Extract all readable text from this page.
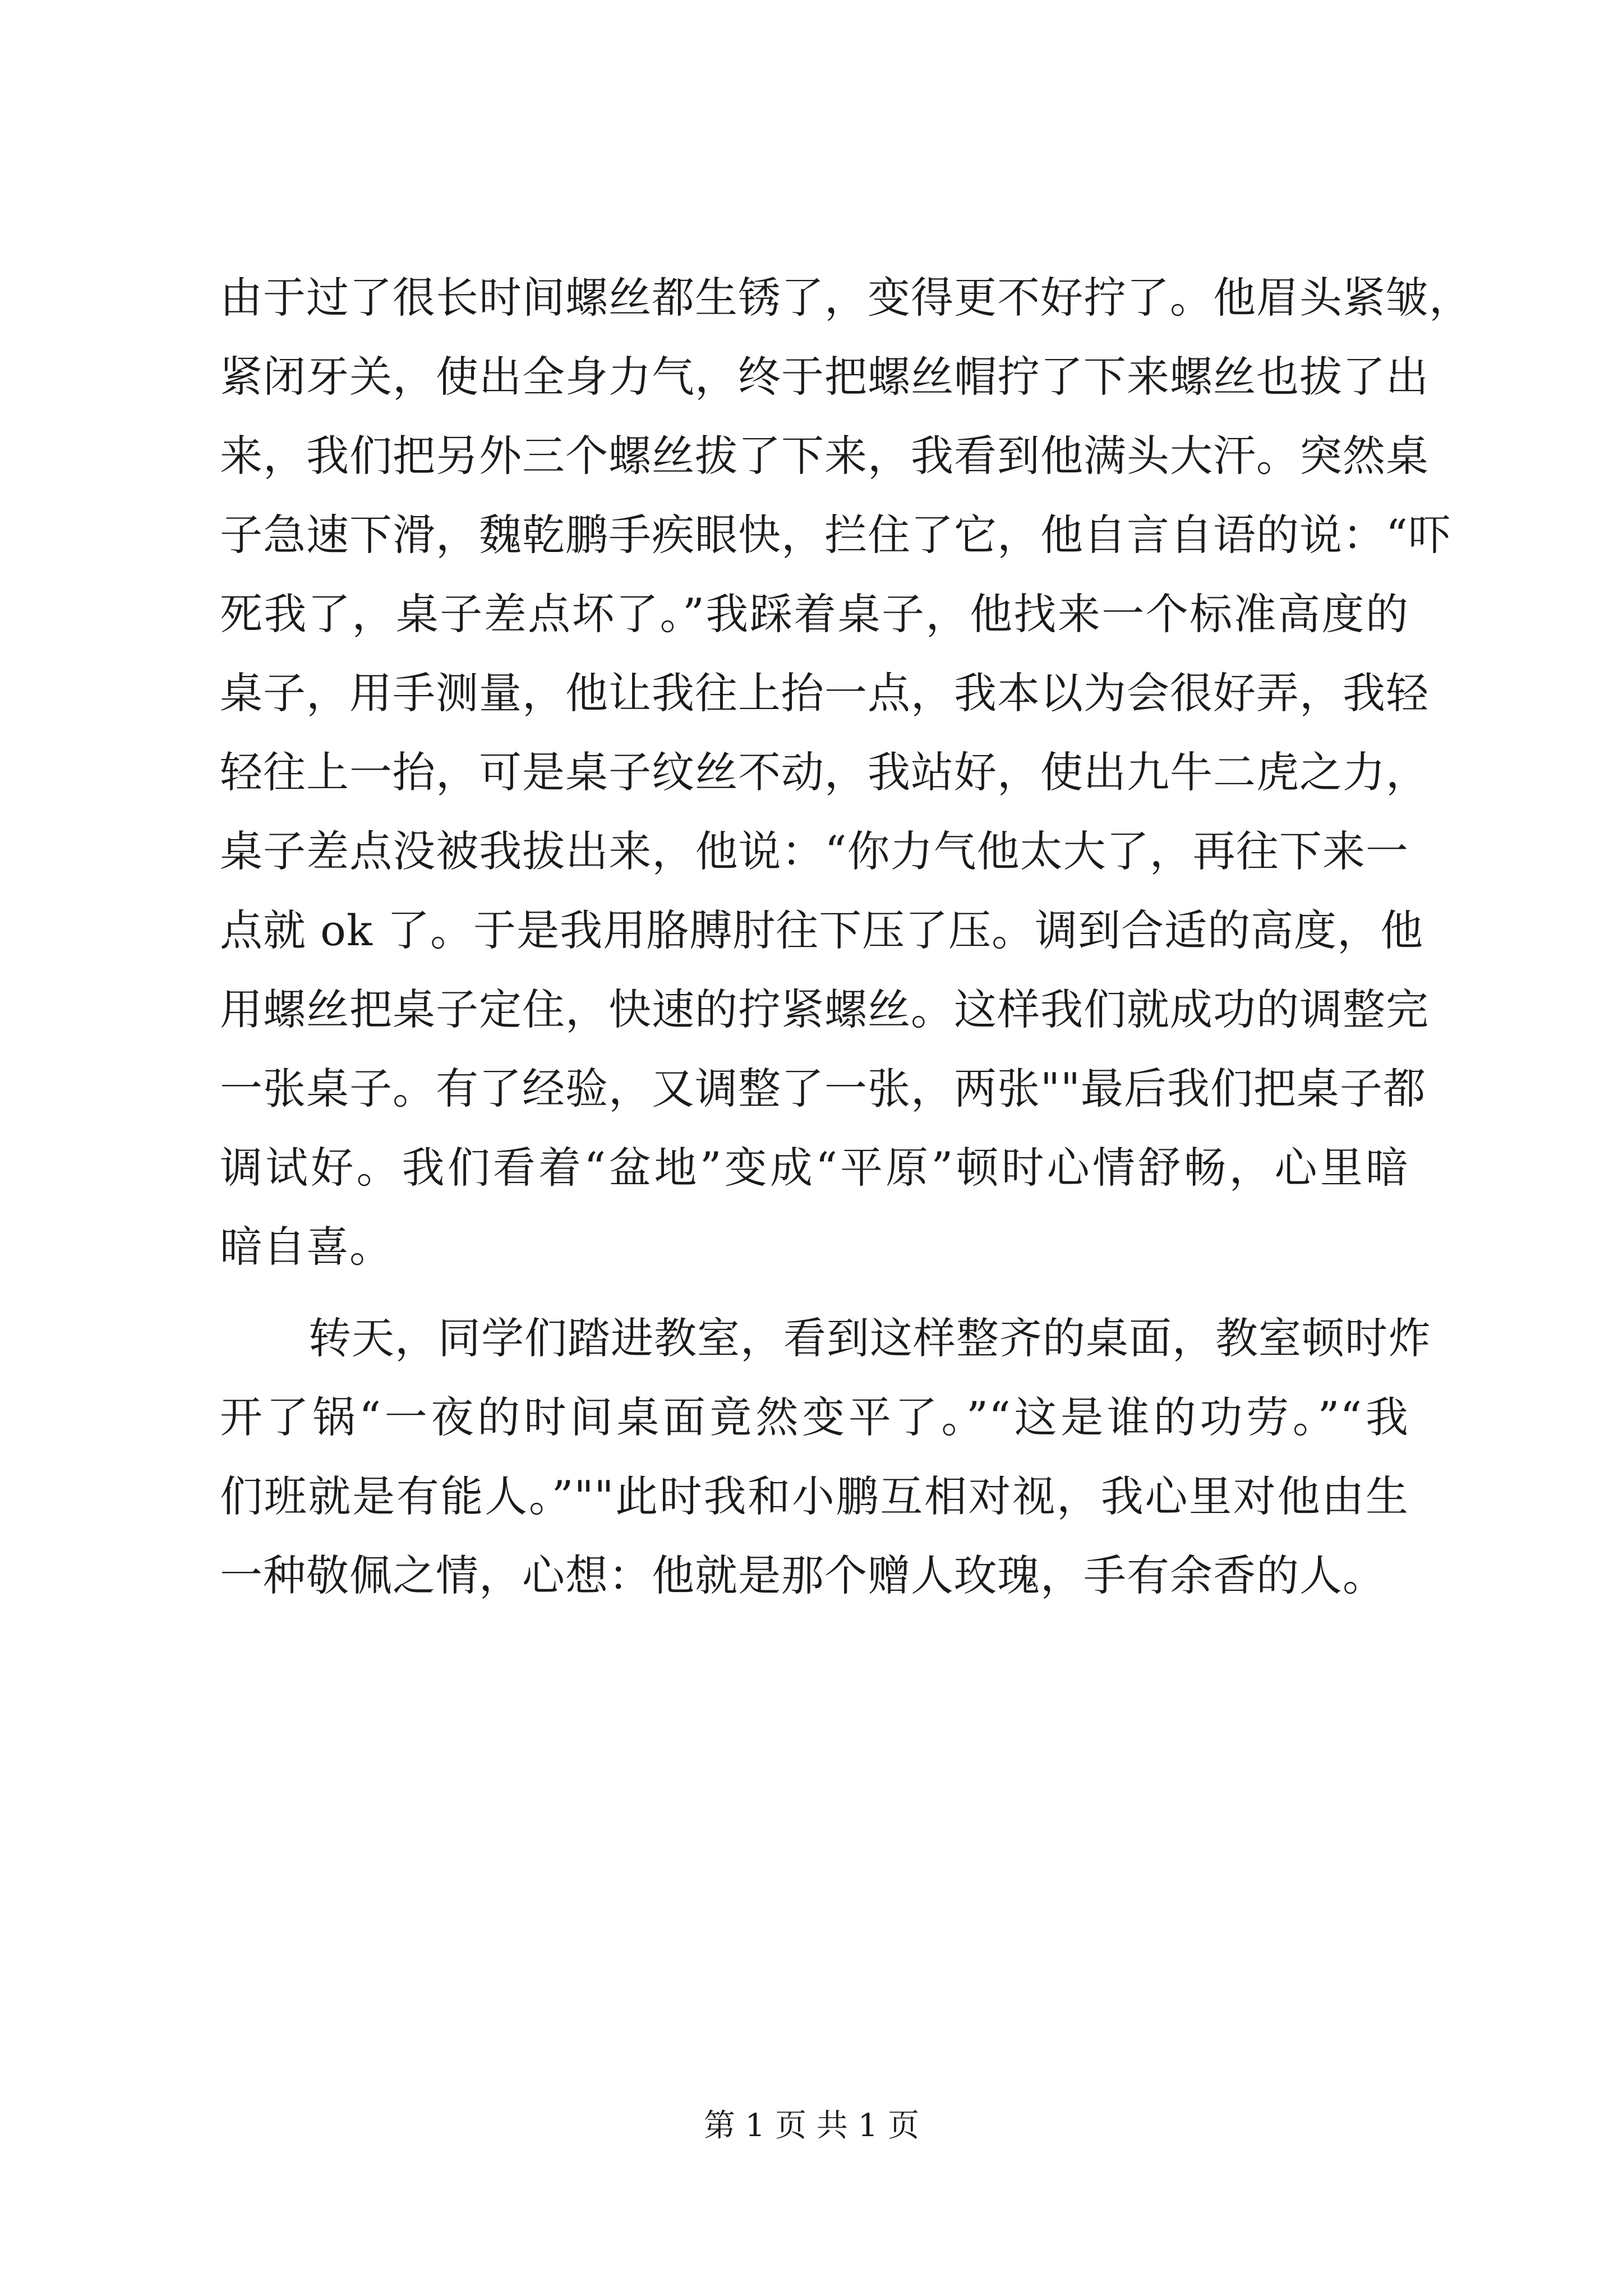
由于过了很长时间螺丝都生锈了，变得更不好拧了。他眉头紧皱，
紧闭牙关，使出全身力气，终于把螺丝帽拧了下来螺丝也拔了出
来，我们把另外三个螺丝拔了下来，我看到他满头大汗。突然桌
子急速下滑，魏乾鹏手疾眼快，拦住了它，他自言自语的说：“吓
死我了，桌子差点坏了。”我踩着桌子，他找来一个标准高度的
桌子，用手测量，他让我往上抬一点，我本以为会很好弄，我轻
轻往上一抬，可是桌子纹丝不动，我站好，使出九牛二虎之力，
桌子差点没被我拔出来，他说：“你力气他太大了，再往下来一
点就 ok 了。于是我用胳膊肘往下压了压。调到合适的高度，他
用螺丝把桌子定住，快速的拧紧螺丝。这样我们就成功的调整完
一张桌子。有了经验，又调整了一张，两张""最后我们把桌子都
调试好。我们看着“盆地”变成“平原”顿时心情舒畅，心里暗
暗自喜。
转天，同学们踏进教室，看到这样整齐的桌面，教室顿时炸
开了锅“一夜的时间桌面竟然变平了。”“这是谁的功劳。”“我
们班就是有能人。”""此时我和小鹏互相对视，我心里对他由生
一种敬佩之情，心想：他就是那个赠人玫瑰，手有余香的人。
第 1 页 共 1 页
